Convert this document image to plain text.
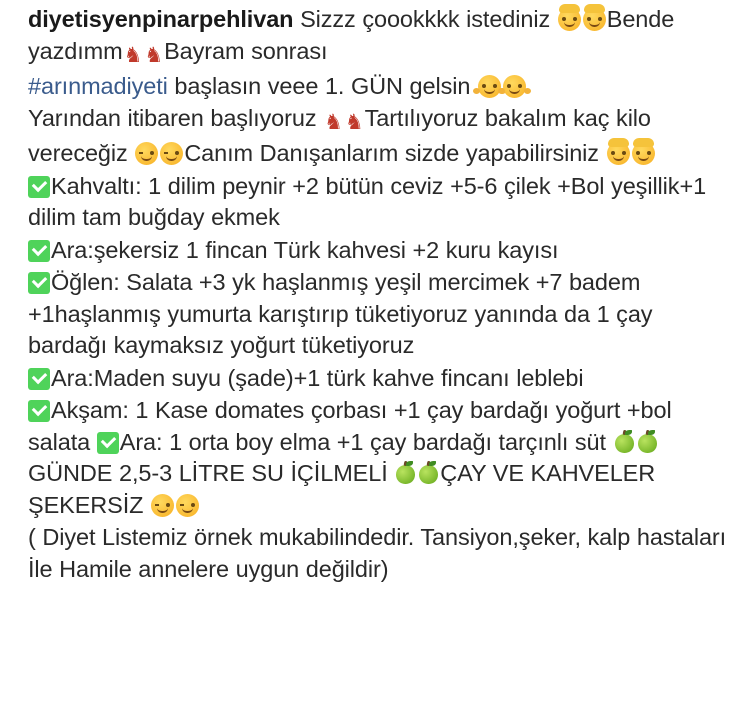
diyetisyenpinarpehlivan Sizzz çoookkkk istediniz
Bende yazdımm♞♞Bayram sonrası
#arınmadiyeti başlasın veee 1. GÜN gelsin

Yarından itibaren başlıyoruz ♞♞Tartılıyoruz bakalım kaç kilo vereceğiz
Canım Danışanlarım sizde yapabilirsiniz

Kahvaltı: 1 dilim peynir +2 bütün ceviz +5-6 çilek +Bol yeşillik+1 dilim tam buğday ekmek

Ara:şekersiz 1 fincan Türk kahvesi +2 kuru kayısı

Öğlen: Salata +3 yk haşlanmış yeşil mercimek +7 badem +1haşlanmış yumurta karıştırıp tüketiyoruz yanında da 1 çay bardağı kaymaksız yoğurt tüketiyoruz

Ara:Maden suyu (şade)+1 türk kahve fincanı leblebi

Akşam: 1 Kase domates çorbası +1 çay bardağı yoğurt +bol salata Ara: 1 orta boy elma +1 çay bardağı tarçınlı süt GÜNDE 2,5-3 LİTRE SU İÇİLMELİ ÇAY VE KAHVELER ŞEKERSİZ

( Diyet Listemiz örnek mukabilindedir. Tansiyon,şeker, kalp hastaları İle Hamile annelere uygun değildir)
